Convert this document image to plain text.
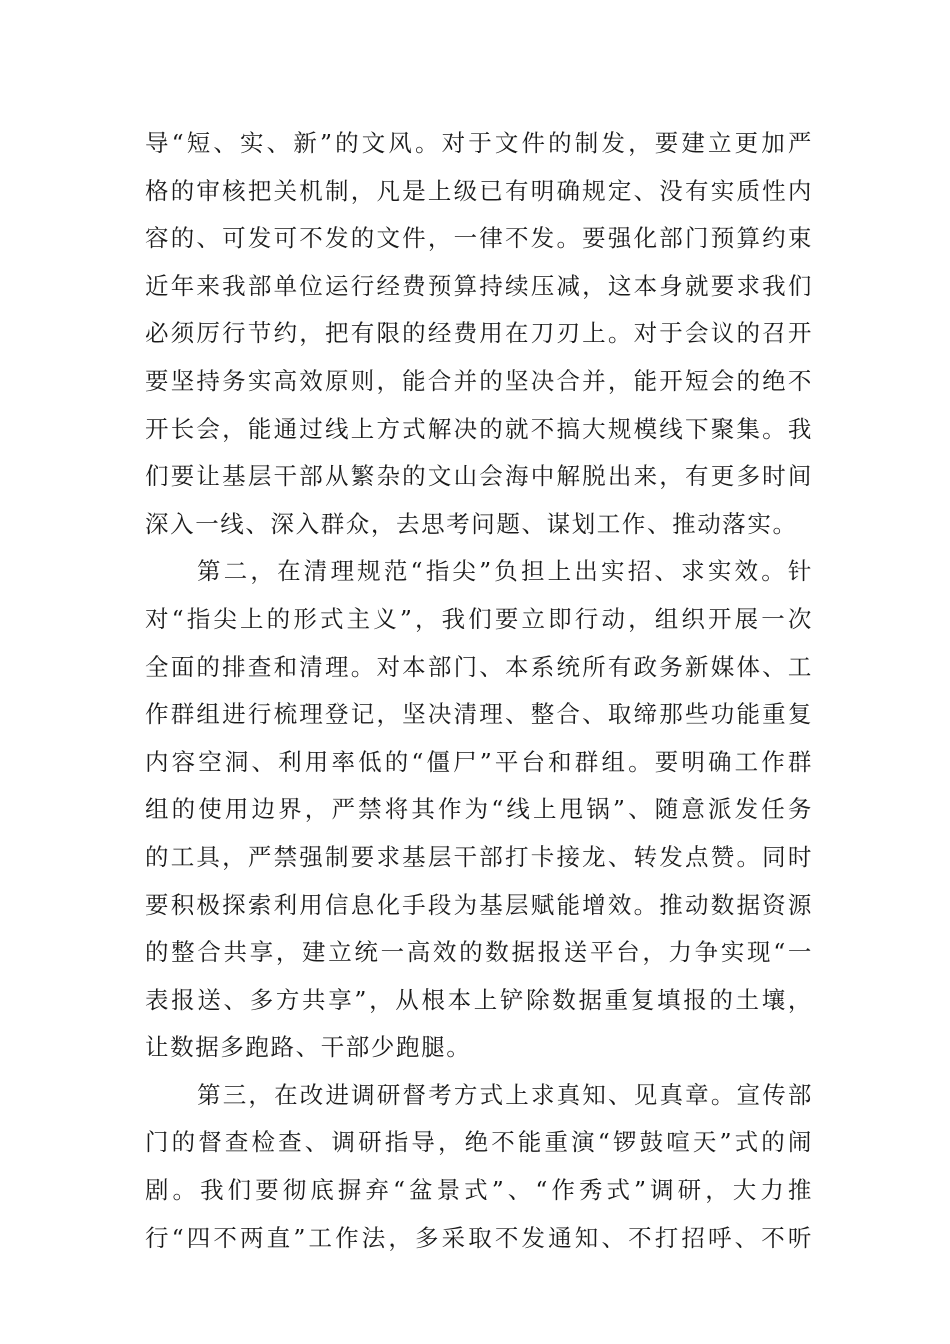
导“短、实、新”的文风。对于文件的制发，要建立更加严
格的审核把关机制，凡是上级已有明确规定、没有实质性内
容的、可发可不发的文件，一律不发。要强化部门预算约束
近年来我部单位运行经费预算持续压减，这本身就要求我们
必须厉行节约，把有限的经费用在刀刃上。对于会议的召开
要坚持务实高效原则，能合并的坚决合并，能开短会的绝不
开长会，能通过线上方式解决的就不搞大规模线下聚集。我
们要让基层干部从繁杂的文山会海中解脱出来，有更多时间
深入一线、深入群众，去思考问题、谋划工作、推动落实。
第二，在清理规范“指尖”负担上出实招、求实效。针
对“指尖上的形式主义”，我们要立即行动，组织开展一次
全面的排查和清理。对本部门、本系统所有政务新媒体、工
作群组进行梳理登记，坚决清理、整合、取缔那些功能重复
内容空洞、利用率低的“僵尸”平台和群组。要明确工作群
组的使用边界，严禁将其作为“线上甩锅”、随意派发任务
的工具，严禁强制要求基层干部打卡接龙、转发点赞。同时
要积极探索利用信息化手段为基层赋能增效。推动数据资源
的整合共享，建立统一高效的数据报送平台，力争实现“一
表报送、多方共享”，从根本上铲除数据重复填报的土壤，
让数据多跑路、干部少跑腿。
第三，在改进调研督考方式上求真知、见真章。宣传部
门的督查检查、调研指导，绝不能重演“锣鼓喧天”式的闹
剧。我们要彻底摒弃“盆景式”、“作秀式”调研，大力推
行“四不两直”工作法，多采取不发通知、不打招呼、不听
